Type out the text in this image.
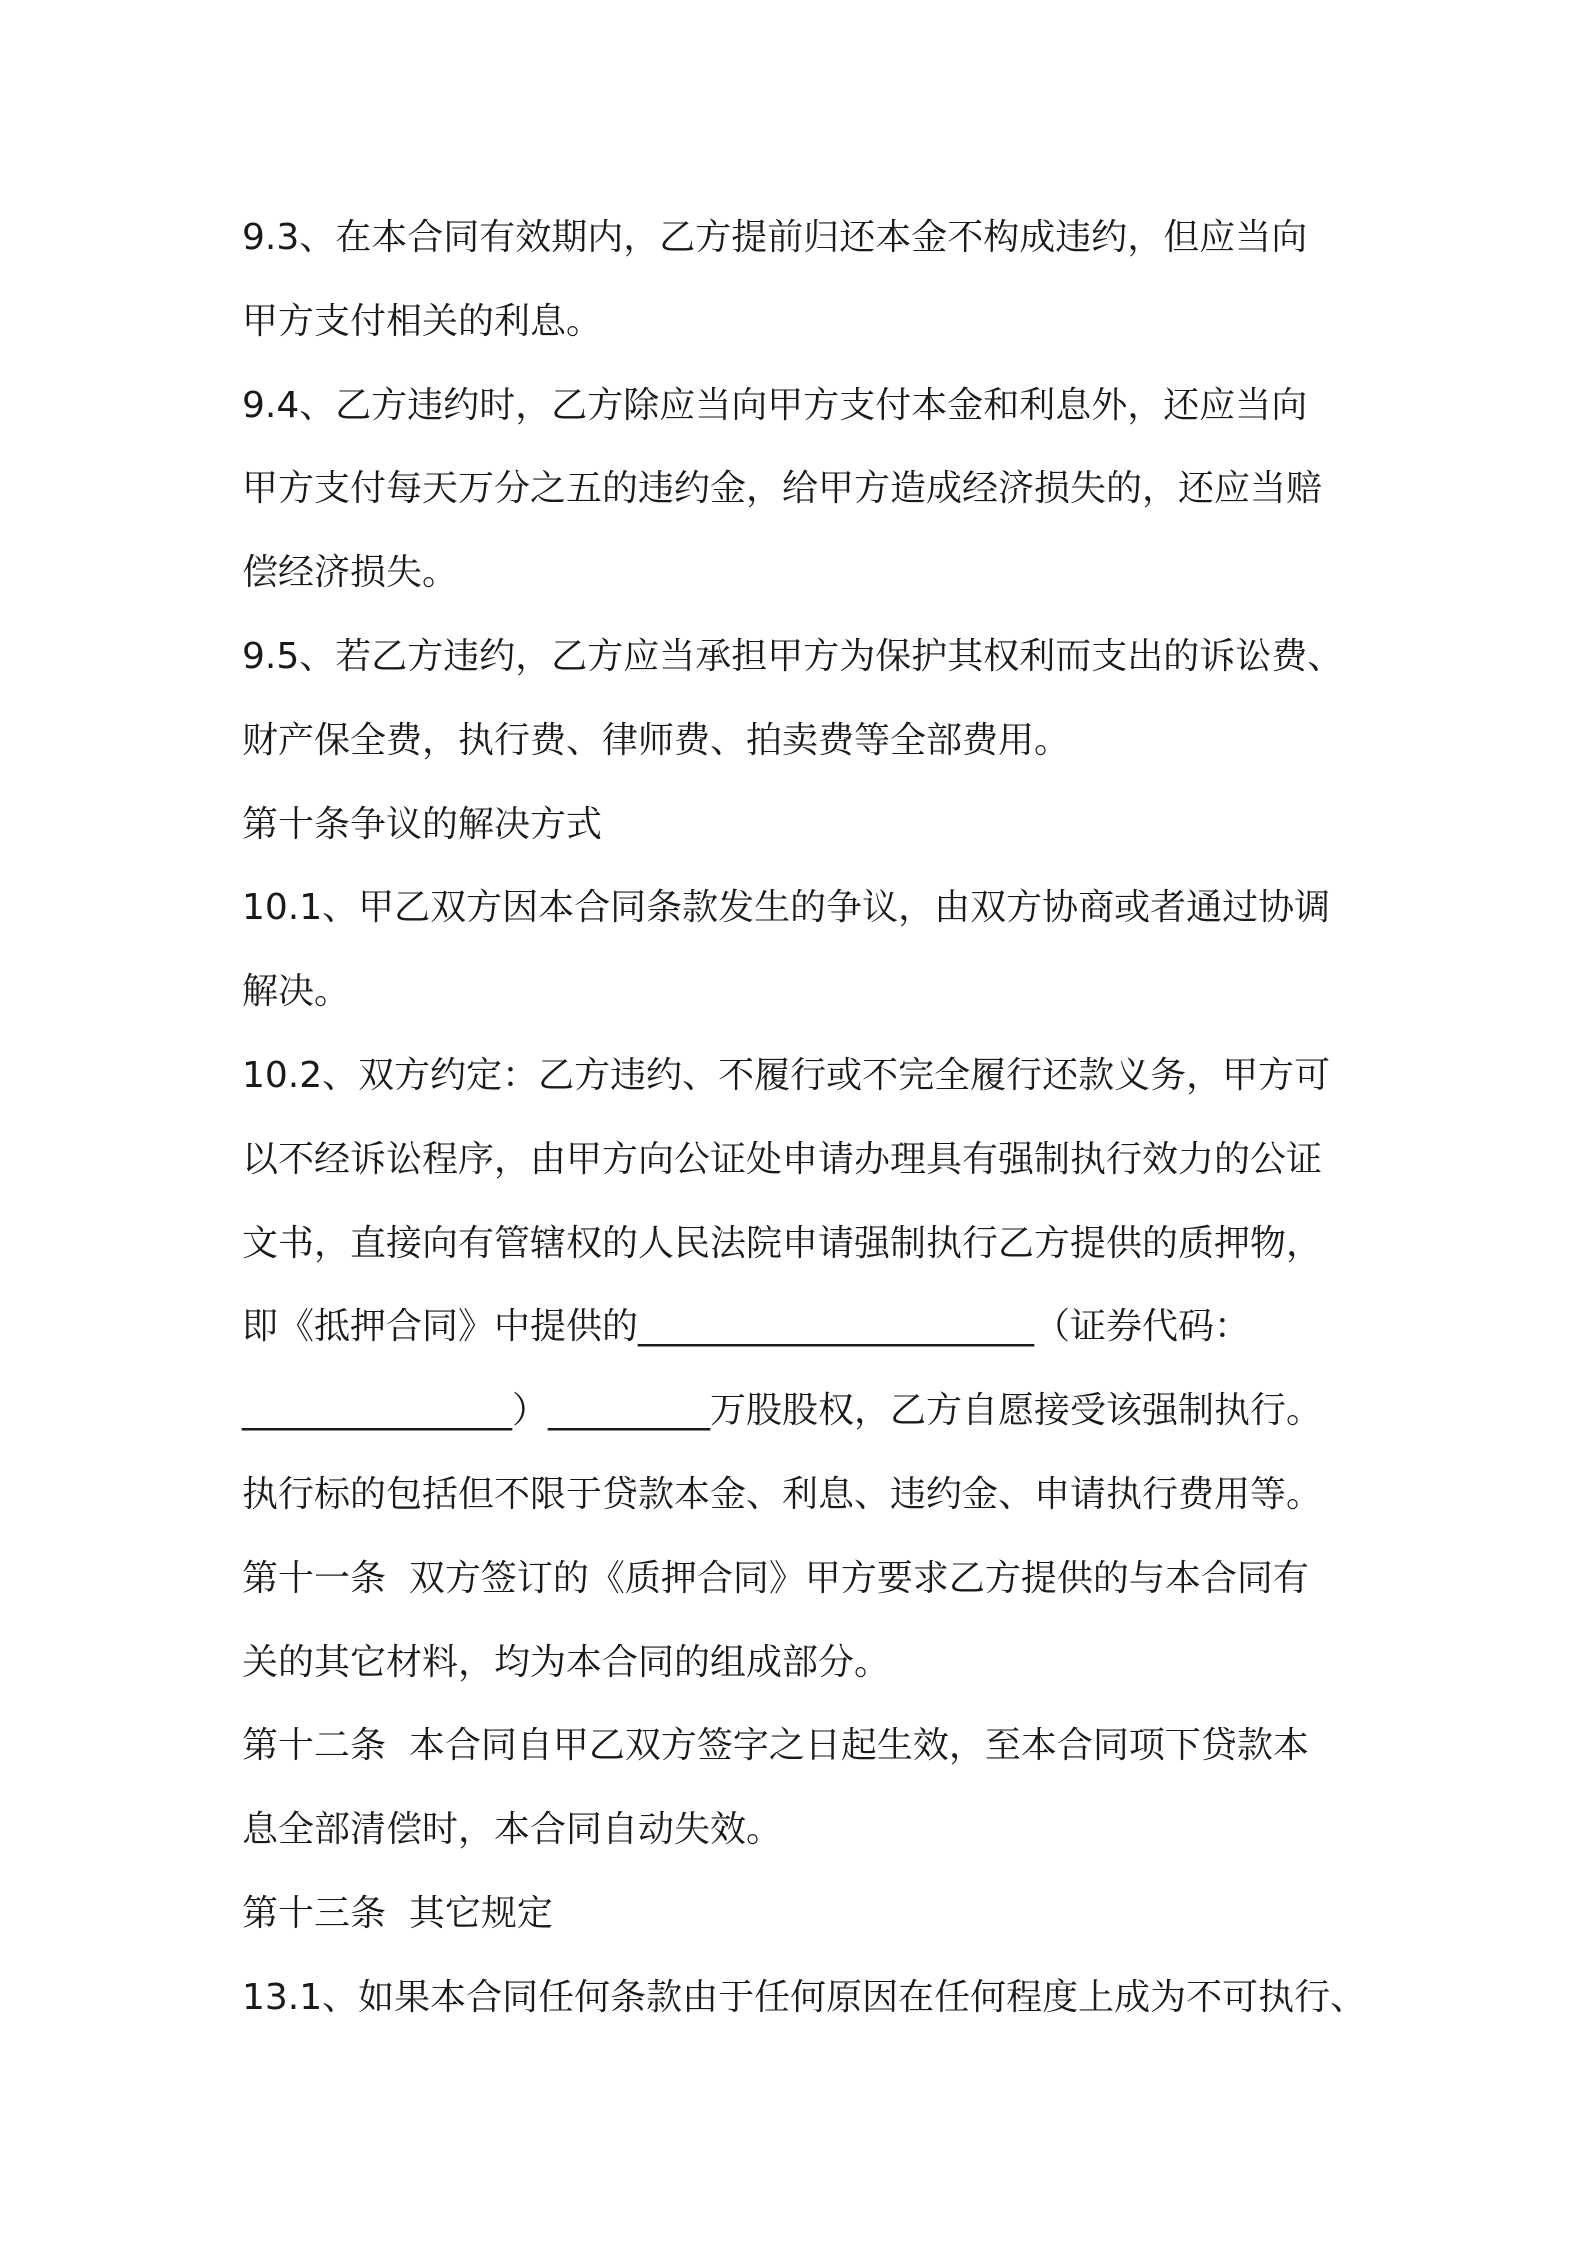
9.3、在本合同有效期内，乙方提前归还本金不构成违约，但应当向
甲方支付相关的利息。
9.4、乙方违约时，乙方除应当向甲方支付本金和利息外，还应当向
甲方支付每天万分之五的违约金，给甲方造成经济损失的，还应当赔
偿经济损失。
9.5、若乙方违约，乙方应当承担甲方为保护其权利而支出的诉讼费、
财产保全费，执行费、律师费、拍卖费等全部费用。
第十条争议的解决方式
10.1、甲乙双方因本合同条款发生的争议，由双方协商或者通过协调
解决。
10.2、双方约定：乙方违约、不履行或不完全履行还款义务，甲方可
以不经诉讼程序，由甲方向公证处申请办理具有强制执行效力的公证
文书，直接向有管辖权的人民法院申请强制执行乙方提供的质押物，
即《抵押合同》中提供的______________________（证券代码：
_______________）_________万股股权，乙方自愿接受该强制执行。
执行标的包括但不限于贷款本金、利息、违约金、申请执行费用等。
第十一条  双方签订的《质押合同》甲方要求乙方提供的与本合同有
关的其它材料，均为本合同的组成部分。
第十二条  本合同自甲乙双方签字之日起生效，至本合同项下贷款本
息全部清偿时，本合同自动失效。
第十三条  其它规定
13.1、如果本合同任何条款由于任何原因在任何程度上成为不可执行、
